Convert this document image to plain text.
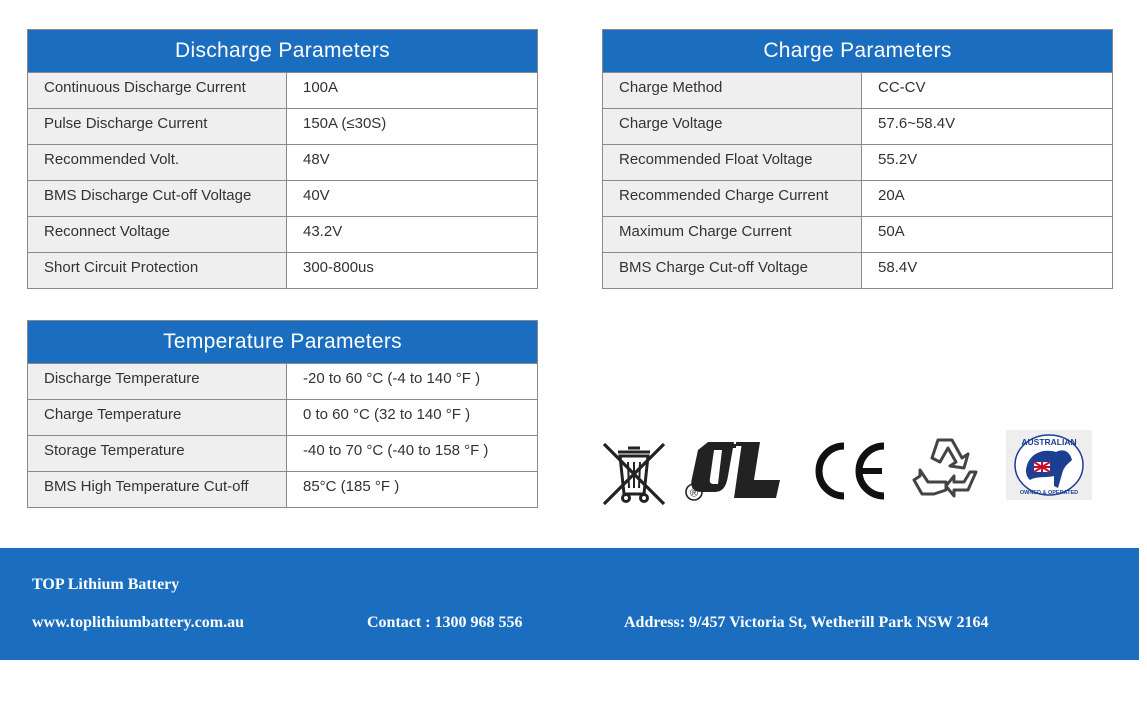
Discharge Parameters
Continuous Discharge Current	100A
Pulse Discharge Current	150A (≤30S)
Recommended Volt.	48V
BMS Discharge Cut-off Voltage	40V
Reconnect Voltage	43.2V
Short Circuit Protection	300-800us
Charge Parameters
Charge Method	CC-CV
Charge Voltage	57.6~58.4V
Recommended Float Voltage	55.2V
Recommended Charge Current	20A
Maximum Charge Current	50A
BMS Charge Cut-off Voltage	58.4V
Temperature Parameters
Discharge Temperature	-20 to 60 °C (-4 to 140 °F )
Charge Temperature	0 to 60 °C (32 to 140 °F )
Storage Temperature	-40 to 70 °C (-40 to 158 °F )
BMS High Temperature Cut-off	85°C (185 °F )	®
AUSTRALIAN
OWNED & OPERATED
TOP Lithium Battery
www.toplithiumbattery.com.au	Contact : 1300 968 556	Address: 9/457 Victoria St, Wetherill Park NSW 2164
